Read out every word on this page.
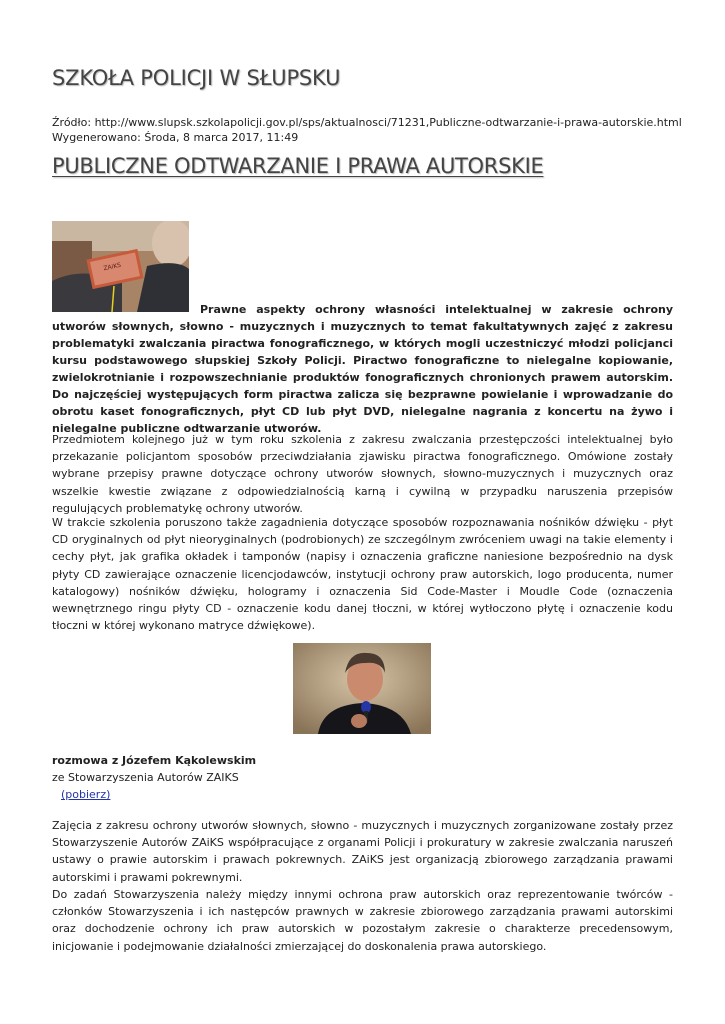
SZKOŁA POLICJI W SŁUPSKU
Źródło: http://www.slupsk.szkolapolicji.gov.pl/sps/aktualnosci/71231,Publiczne-odtwarzanie-i-prawa-autorskie.html
Wygenerowano: Środa, 8 marca 2017, 11:49
PUBLICZNE ODTWARZANIE I PRAWA AUTORSKIE
ZAiKS

Prawne aspekty ochrony własności intelektualnej w zakresie ochrony utworów słownych, słowno - muzycznych i muzycznych to temat fakultatywnych zajęć z zakresu problematyki zwalczania piractwa fonograficznego, w których mogli uczestniczyć młodzi policjanci kursu podstawowego słupskiej Szkoły Policji. Piractwo fonograficzne to nielegalne kopiowanie, zwielokrotnianie i rozpowszechnianie produktów fonograficznych chronionych prawem autorskim. Do najczęściej występujących form piractwa zalicza się bezprawne powielanie i wprowadzanie do obrotu kaset fonograficznych, płyt CD lub płyt DVD, nielegalne nagrania z koncertu na żywo i nielegalne publiczne odtwarzanie utworów.

Przedmiotem kolejnego już w tym roku szkolenia z zakresu zwalczania przestępczości intelektualnej było przekazanie policjantom sposobów przeciwdziałania zjawisku piractwa fonograficznego. Omówione zostały wybrane przepisy prawne dotyczące ochrony utworów słownych, słowno-muzycznych i muzycznych oraz wszelkie kwestie związane z odpowiedzialnością karną i cywilną w przypadku naruszenia przepisów regulujących problematykę ochrony utworów.

W trakcie szkolenia poruszono także zagadnienia dotyczące sposobów rozpoznawania nośników dźwięku - płyt CD oryginalnych od płyt nieoryginalnych (podrobionych) ze szczególnym zwróceniem uwagi na takie elementy i cechy płyt, jak grafika okładek i tamponów (napisy i oznaczenia graficzne naniesione bezpośrednio na dysk płyty CD zawierające oznaczenie licencjodawców, instytucji ochrony praw autorskich, logo producenta, numer katalogowy) nośników dźwięku, hologramy i oznaczenia Sid Code-Master i Moudle Code (oznaczenia wewnętrznego ringu płyty CD - oznaczenie kodu danej tłoczni, w której wytłoczono płytę i oznaczenie kodu tłoczni w której wykonano matryce dźwiękowe).

rozmowa z Józefem Kąkolewskim
ze Stowarzyszenia Autorów ZAIKS
(pobierz)

Zajęcia z zakresu ochrony utworów słownych, słowno - muzycznych i muzycznych zorganizowane zostały przez Stowarzyszenie Autorów ZAiKS współpracujące z organami Policji i prokuratury w zakresie zwalczania naruszeń ustawy o prawie autorskim i prawach pokrewnych. ZAiKS jest organizacją zbiorowego zarządzania prawami autorskimi i prawami pokrewnymi.

Do zadań Stowarzyszenia należy między innymi ochrona praw autorskich oraz reprezentowanie twórców - członków Stowarzyszenia i ich następców prawnych w zakresie zbiorowego zarządzania prawami autorskimi oraz dochodzenie ochrony ich praw autorskich w pozostałym zakresie o charakterze precedensowym, inicjowanie i podejmowanie działalności zmierzającej do doskonalenia prawa autorskiego.
